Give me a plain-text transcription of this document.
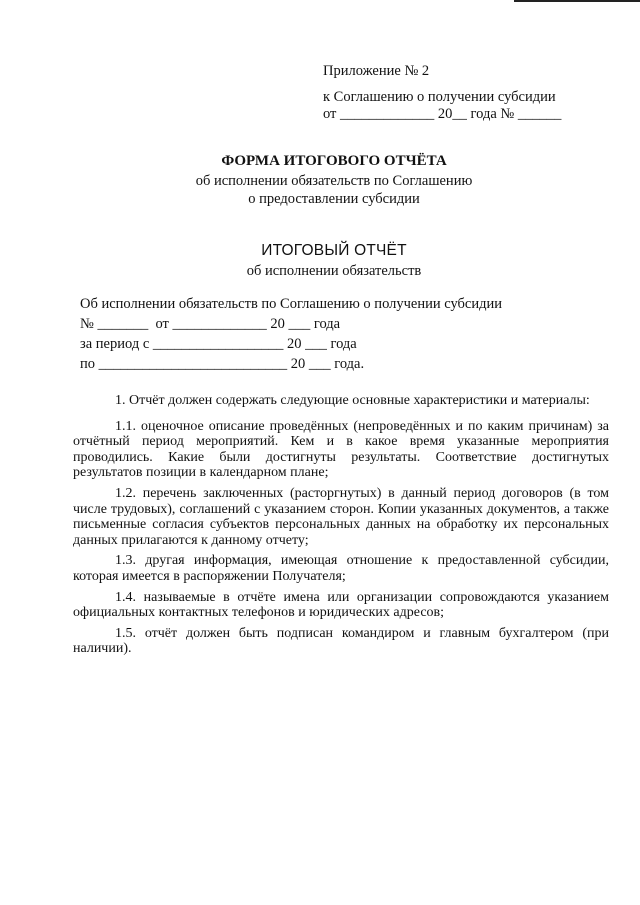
Приложение № 2
к Соглашению о получении субсидии
от _____________ 20__ года № ______
ФОРМА ИТОГОВОГО ОТЧЁТА
об исполнении обязательств по Соглашению
о предоставлении субсидии
ИТОГОВЫЙ ОТЧЁТ
об исполнении обязательств
Об исполнении обязательств по Соглашению о получении субсидии
№ _______  от _____________ 20 ___ года
за период с __________________ 20 ___ года
по __________________________ 20 ___ года.

1. Отчёт должен содержать следующие основные характеристики и материалы:

1.1. оценочное описание проведённых (непроведённых и по каким причинам) за отчётный период мероприятий. Кем и в какое время указанные мероприятия проводились. Какие были достигнуты результаты. Соответствие достигнутых результатов позиции в календарном плане;

1.2. перечень заключенных (расторгнутых) в данный период договоров (в том числе трудовых), соглашений с указанием сторон. Копии указанных документов, а также письменные согласия субъектов персональных данных на обработку их персональных данных прилагаются к данному отчету;

1.3. другая информация, имеющая отношение к предоставленной субсидии, которая имеется в распоряжении Получателя;

1.4. называемые в отчёте имена или организации сопровождаются указанием официальных контактных телефонов и юридических адресов;

1.5. отчёт должен быть подписан командиром и главным бухгалтером (при наличии).
